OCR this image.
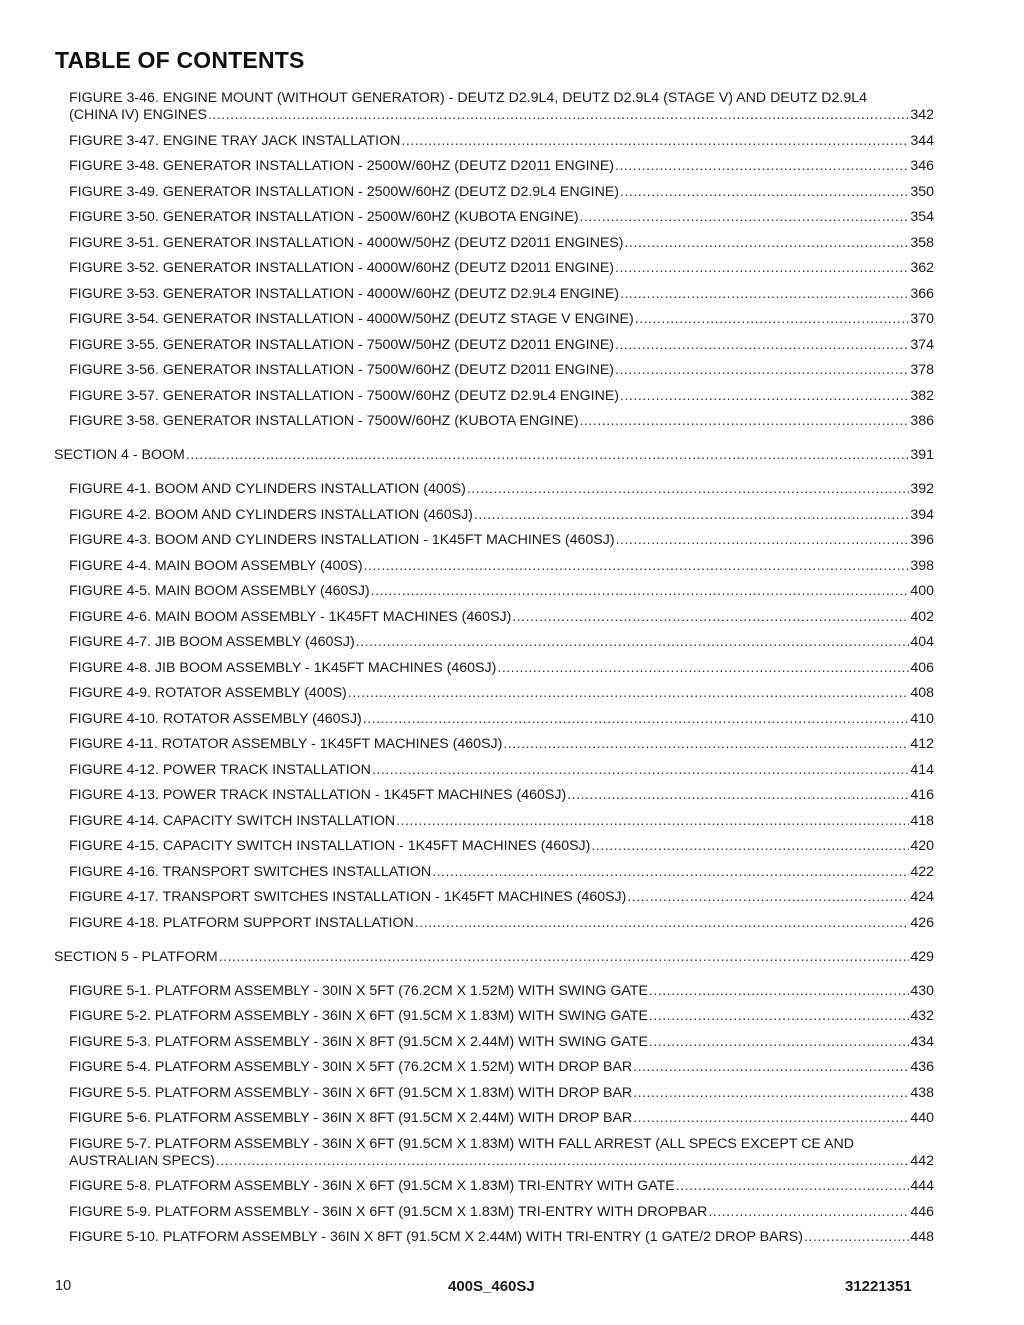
TABLE OF CONTENTS
FIGURE 3-46. ENGINE MOUNT (WITHOUT GENERATOR) - DEUTZ D2.9L4, DEUTZ D2.9L4 (STAGE V) AND DEUTZ D2.9L4
(CHINA IV) ENGINES .....	342
FIGURE 3-47. ENGINE TRAY JACK INSTALLATION .....	344
FIGURE 3-48. GENERATOR INSTALLATION - 2500W/60HZ (DEUTZ D2011 ENGINE) .....	346
FIGURE 3-49. GENERATOR INSTALLATION - 2500W/60HZ (DEUTZ D2.9L4 ENGINE) .....	350
FIGURE 3-50. GENERATOR INSTALLATION - 2500W/60HZ (KUBOTA ENGINE) .....	354
FIGURE 3-51. GENERATOR INSTALLATION - 4000W/50HZ (DEUTZ D2011 ENGINES) .....	358
FIGURE 3-52. GENERATOR INSTALLATION - 4000W/60HZ (DEUTZ D2011 ENGINE) .....	362
FIGURE 3-53. GENERATOR INSTALLATION - 4000W/60HZ (DEUTZ D2.9L4 ENGINE) .....	366
FIGURE 3-54. GENERATOR INSTALLATION - 4000W/50HZ (DEUTZ STAGE V ENGINE) .....	370
FIGURE 3-55. GENERATOR INSTALLATION - 7500W/50HZ (DEUTZ D2011 ENGINE) .....	374
FIGURE 3-56. GENERATOR INSTALLATION - 7500W/60HZ (DEUTZ D2011 ENGINE) .....	378
FIGURE 3-57. GENERATOR INSTALLATION - 7500W/60HZ (DEUTZ D2.9L4 ENGINE) .....	382
FIGURE 3-58. GENERATOR INSTALLATION - 7500W/60HZ (KUBOTA ENGINE) .....	386
SECTION 4 - BOOM .....	391
FIGURE 4-1. BOOM AND CYLINDERS INSTALLATION (400S) .....	392
FIGURE 4-2. BOOM AND CYLINDERS INSTALLATION (460SJ) .....	394
FIGURE 4-3. BOOM AND CYLINDERS INSTALLATION - 1K45FT MACHINES (460SJ) .....	396
FIGURE 4-4. MAIN BOOM ASSEMBLY (400S) .....	398
FIGURE 4-5. MAIN BOOM ASSEMBLY (460SJ) .....	400
FIGURE 4-6. MAIN BOOM ASSEMBLY - 1K45FT MACHINES (460SJ) .....	402
FIGURE 4-7. JIB BOOM ASSEMBLY (460SJ) .....	404
FIGURE 4-8. JIB BOOM ASSEMBLY - 1K45FT MACHINES (460SJ) .....	406
FIGURE 4-9. ROTATOR ASSEMBLY (400S) .....	408
FIGURE 4-10. ROTATOR ASSEMBLY (460SJ) .....	410
FIGURE 4-11. ROTATOR ASSEMBLY - 1K45FT MACHINES (460SJ) .....	412
FIGURE 4-12. POWER TRACK INSTALLATION .....	414
FIGURE 4-13. POWER TRACK INSTALLATION - 1K45FT MACHINES (460SJ) .....	416
FIGURE 4-14. CAPACITY SWITCH INSTALLATION .....	418
FIGURE 4-15. CAPACITY SWITCH INSTALLATION - 1K45FT MACHINES (460SJ) .....	420
FIGURE 4-16. TRANSPORT SWITCHES INSTALLATION .....	422
FIGURE 4-17. TRANSPORT SWITCHES INSTALLATION - 1K45FT MACHINES (460SJ) .....	424
FIGURE 4-18. PLATFORM SUPPORT INSTALLATION .....	426
SECTION 5 - PLATFORM .....	429
FIGURE 5-1. PLATFORM ASSEMBLY - 30IN X 5FT (76.2CM X 1.52M) WITH SWING GATE .....	430
FIGURE 5-2. PLATFORM ASSEMBLY - 36IN X 6FT (91.5CM X 1.83M) WITH SWING GATE .....	432
FIGURE 5-3. PLATFORM ASSEMBLY - 36IN X 8FT (91.5CM X 2.44M) WITH SWING GATE .....	434
FIGURE 5-4. PLATFORM ASSEMBLY - 30IN X 5FT (76.2CM X 1.52M) WITH DROP BAR .....	436
FIGURE 5-5. PLATFORM ASSEMBLY - 36IN X 6FT (91.5CM X 1.83M) WITH DROP BAR .....	438
FIGURE 5-6. PLATFORM ASSEMBLY - 36IN X 8FT (91.5CM X 2.44M) WITH DROP BAR .....	440
FIGURE 5-7. PLATFORM ASSEMBLY - 36IN X 6FT (91.5CM X 1.83M) WITH FALL ARREST (ALL SPECS EXCEPT CE AND
AUSTRALIAN SPECS) .....	442
FIGURE 5-8. PLATFORM ASSEMBLY - 36IN X 6FT (91.5CM X 1.83M) TRI-ENTRY WITH GATE .....	444
FIGURE 5-9. PLATFORM ASSEMBLY - 36IN X 6FT (91.5CM X 1.83M) TRI-ENTRY WITH DROPBAR .....	446
FIGURE 5-10. PLATFORM ASSEMBLY - 36IN X 8FT (91.5CM X 2.44M) WITH TRI-ENTRY (1 GATE/2 DROP BARS) .....	448
10	400S_460SJ	31221351
